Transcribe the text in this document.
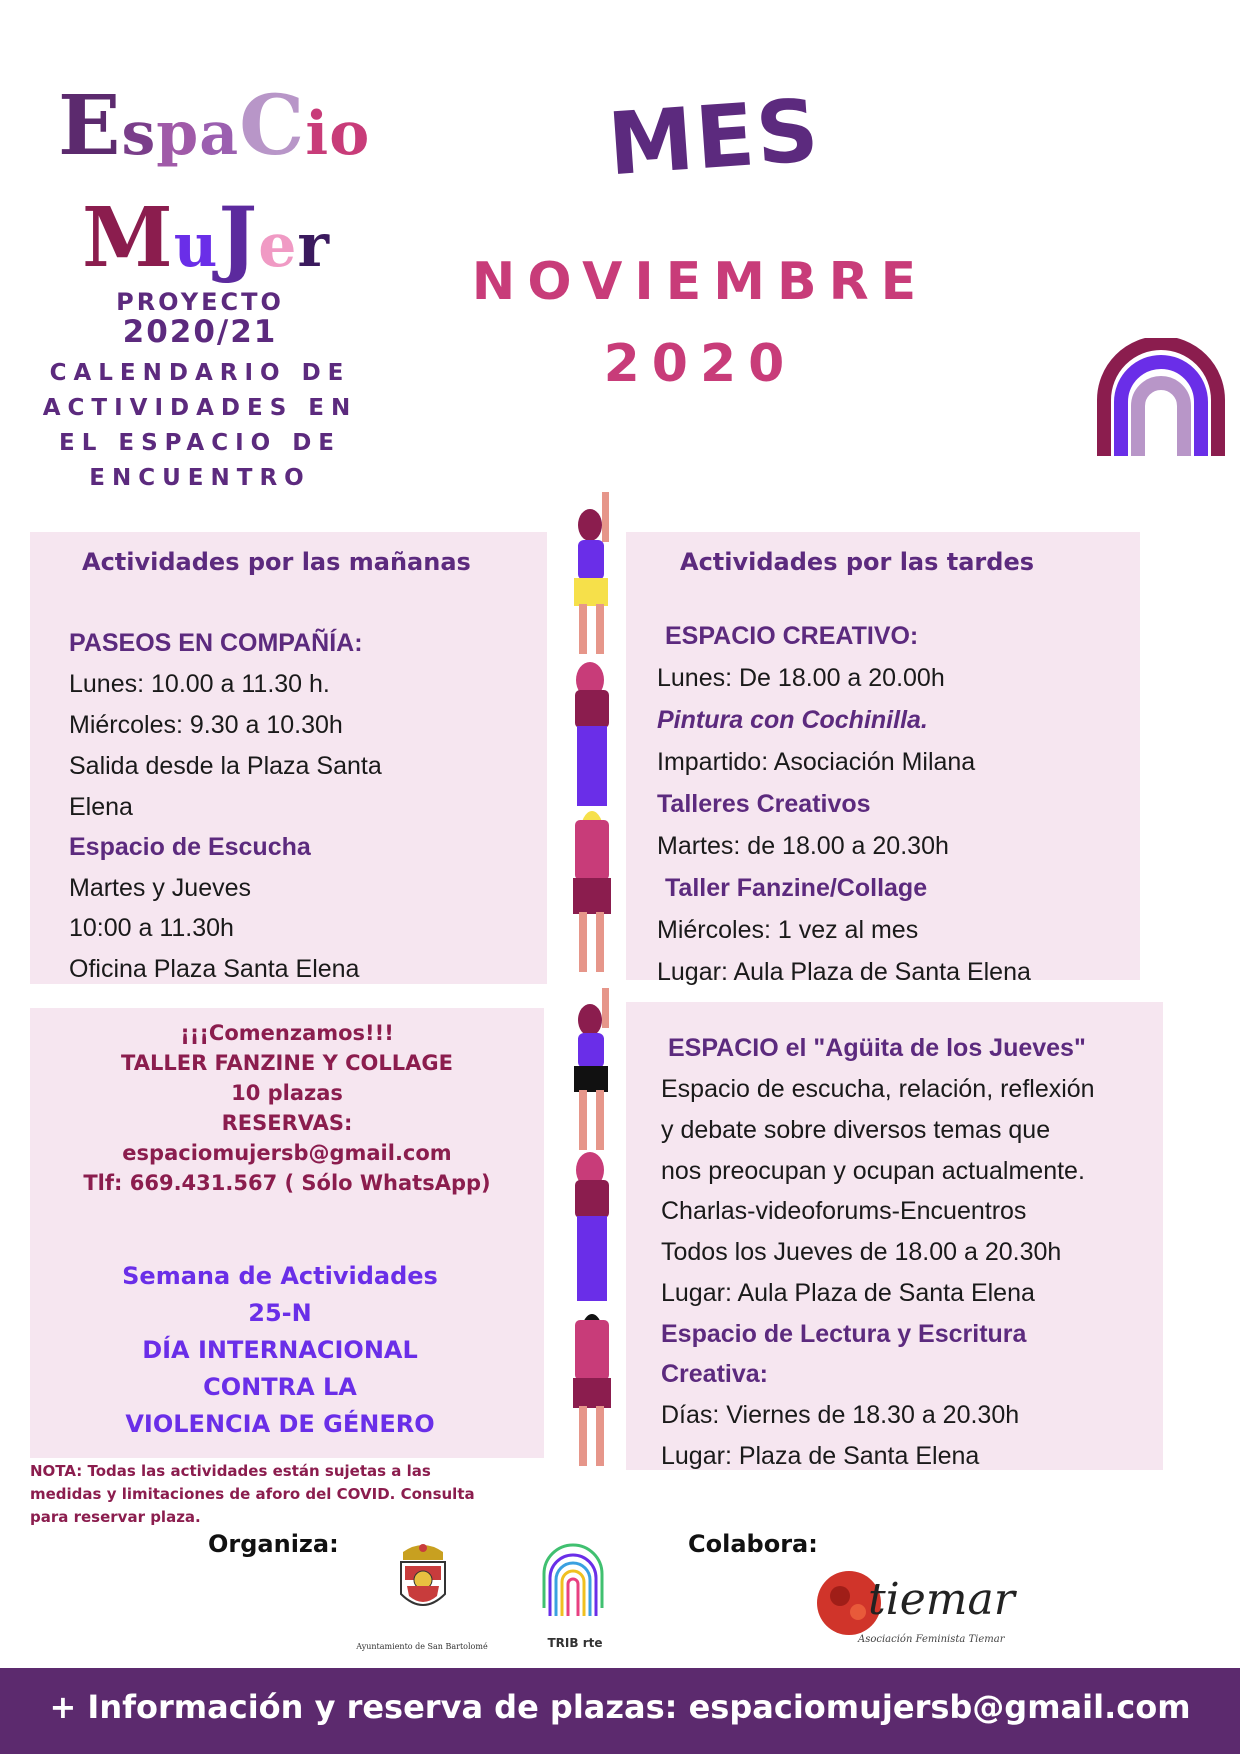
EspaCio
MuJer
PROYECTO
2020/21
CALENDARIO DE
ACTIVIDADES EN
EL ESPACIO DE
ENCUENTRO
MES
NOVIEMBRE
2020
Actividades por las mañanas
PASEOS EN COMPAÑÍA:
Lunes: 10.00 a 11.30 h.
Miércoles: 9.30 a 10.30h
Salida desde la Plaza Santa
Elena
Espacio de Escucha
Martes y Jueves
10:00 a 11.30h
Oficina Plaza Santa Elena
Actividades por las tardes
ESPACIO CREATIVO:
Lunes: De 18.00 a 20.00h
Pintura con Cochinilla.
Impartido: Asociación Milana
Talleres Creativos
Martes: de 18.00 a 20.30h
Taller Fanzine/Collage
Miércoles: 1 vez al mes
Lugar: Aula Plaza de Santa Elena
¡¡¡Comenzamos!!!
TALLER FANZINE Y COLLAGE
10 plazas
RESERVAS:
espaciomujersb@gmail.com
Tlf: 669.431.567 ( Sólo WhatsApp)
Semana de Actividades
25-N
DÍA INTERNACIONAL
CONTRA LA
VIOLENCIA DE GÉNERO
ESPACIO el "Agüita de los Jueves"
Espacio de escucha, relación, reflexión
y debate sobre diversos temas que
nos preocupan y ocupan actualmente.
Charlas-videoforums-Encuentros
Todos los Jueves de 18.00 a 20.30h
Lugar: Aula Plaza de Santa Elena
Espacio de Lectura y Escritura
Creativa:
Días: Viernes de 18.30 a 20.30h
Lugar: Plaza de Santa Elena
NOTA: Todas las actividades están sujetas a las medidas y limitaciones de aforo del COVID. Consulta para reservar plaza.
Organiza:	Colabora:
Ayuntamiento de San Bartolomé	TRIB rte
tiemar
Asociación Feminista Tiemar
+ Información y reserva de plazas: espaciomujersb@gmail.com
